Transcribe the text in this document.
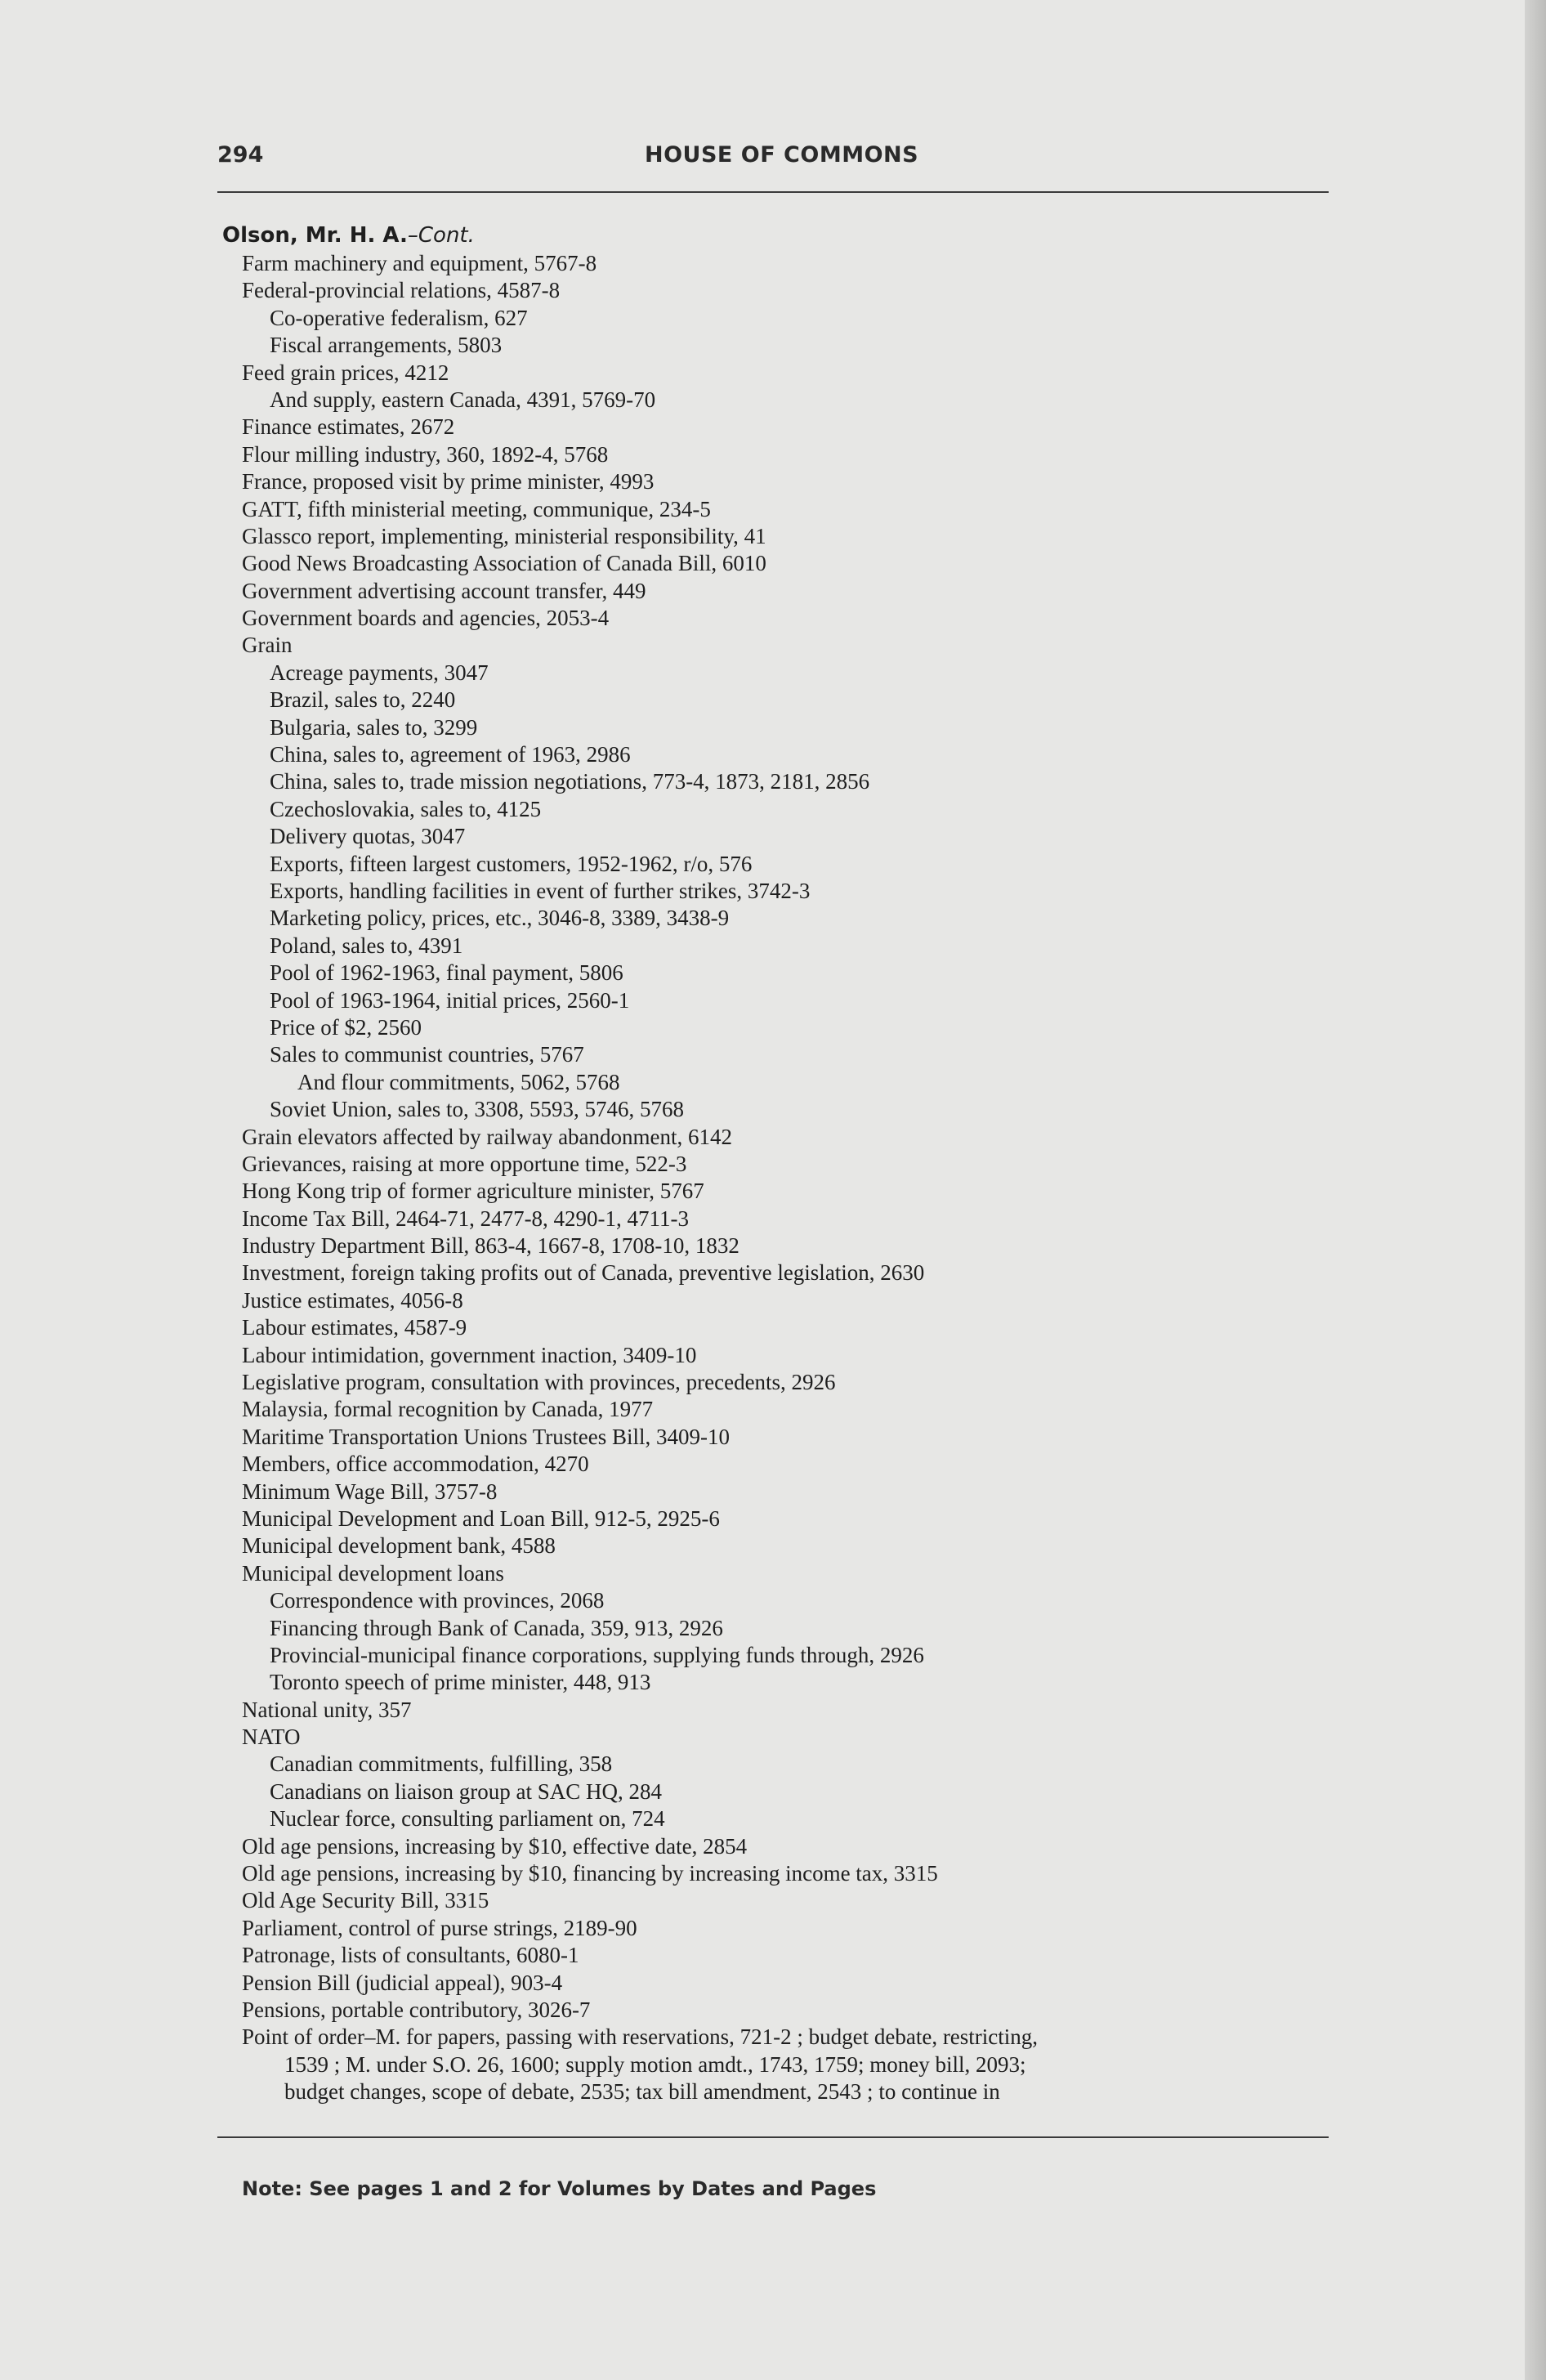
294	HOUSE OF COMMONS
Olson, Mr. H. A.–Cont.
Farm machinery and equipment, 5767-8
Federal-provincial relations, 4587-8
Co-operative federalism, 627
Fiscal arrangements, 5803
Feed grain prices, 4212
And supply, eastern Canada, 4391, 5769-70
Finance estimates, 2672
Flour milling industry, 360, 1892-4, 5768
France, proposed visit by prime minister, 4993
GATT, fifth ministerial meeting, communique, 234-5
Glassco report, implementing, ministerial responsibility, 41
Good News Broadcasting Association of Canada Bill, 6010
Government advertising account transfer, 449
Government boards and agencies, 2053-4
Grain
Acreage payments, 3047
Brazil, sales to, 2240
Bulgaria, sales to, 3299
China, sales to, agreement of 1963, 2986
China, sales to, trade mission negotiations, 773-4, 1873, 2181, 2856
Czechoslovakia, sales to, 4125
Delivery quotas, 3047
Exports, fifteen largest customers, 1952-1962, r/o, 576
Exports, handling facilities in event of further strikes, 3742-3
Marketing policy, prices, etc., 3046-8, 3389, 3438-9
Poland, sales to, 4391
Pool of 1962-1963, final payment, 5806
Pool of 1963-1964, initial prices, 2560-1
Price of $2, 2560
Sales to communist countries, 5767
And flour commitments, 5062, 5768
Soviet Union, sales to, 3308, 5593, 5746, 5768
Grain elevators affected by railway abandonment, 6142
Grievances, raising at more opportune time, 522-3
Hong Kong trip of former agriculture minister, 5767
Income Tax Bill, 2464-71, 2477-8, 4290-1, 4711-3
Industry Department Bill, 863-4, 1667-8, 1708-10, 1832
Investment, foreign taking profits out of Canada, preventive legislation, 2630
Justice estimates, 4056-8
Labour estimates, 4587-9
Labour intimidation, government inaction, 3409-10
Legislative program, consultation with provinces, precedents, 2926
Malaysia, formal recognition by Canada, 1977
Maritime Transportation Unions Trustees Bill, 3409-10
Members, office accommodation, 4270
Minimum Wage Bill, 3757-8
Municipal Development and Loan Bill, 912-5, 2925-6
Municipal development bank, 4588
Municipal development loans
Correspondence with provinces, 2068
Financing through Bank of Canada, 359, 913, 2926
Provincial-municipal finance corporations, supplying funds through, 2926
Toronto speech of prime minister, 448, 913
National unity, 357
NATO
Canadian commitments, fulfilling, 358
Canadians on liaison group at SAC HQ, 284
Nuclear force, consulting parliament on, 724
Old age pensions, increasing by $10, effective date, 2854
Old age pensions, increasing by $10, financing by increasing income tax, 3315
Old Age Security Bill, 3315
Parliament, control of purse strings, 2189-90
Patronage, lists of consultants, 6080-1
Pension Bill (judicial appeal), 903-4
Pensions, portable contributory, 3026-7
Point of order–M. for papers, passing with reservations, 721-2 ; budget debate, restricting,
1539 ; M. under S.O. 26, 1600; supply motion amdt., 1743, 1759; money bill, 2093;
budget changes, scope of debate, 2535; tax bill amendment, 2543 ; to continue in
Note: See pages 1 and 2 for Volumes by Dates and Pages
